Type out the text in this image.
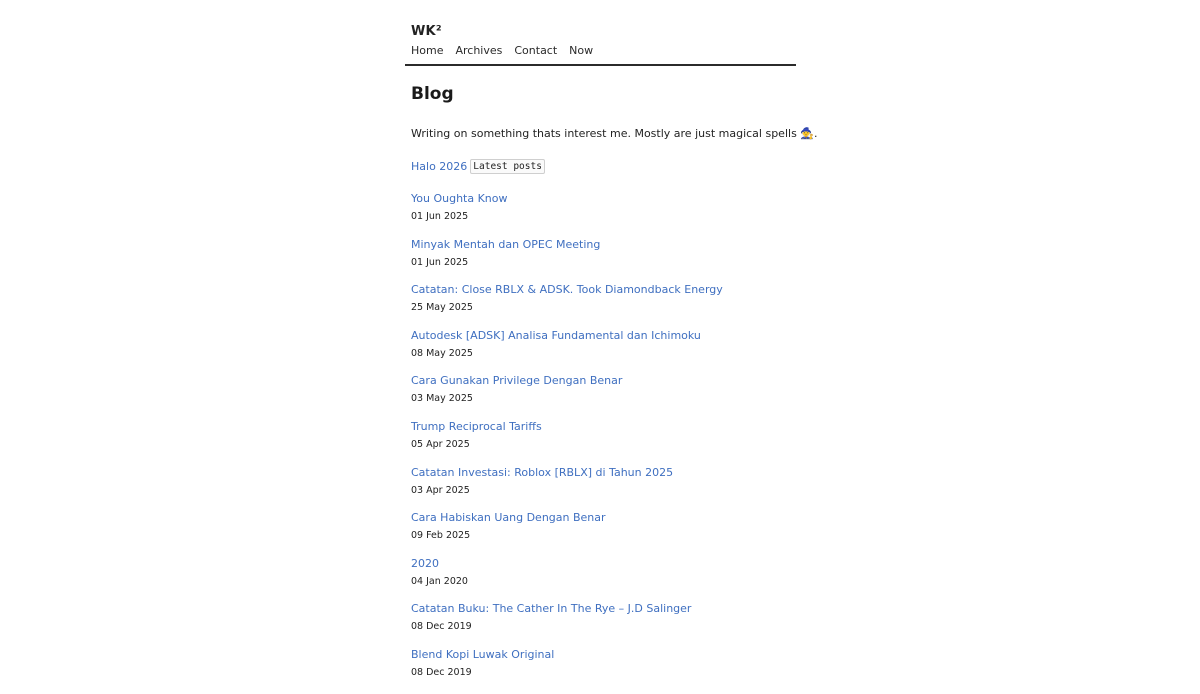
WK²
Home Archives Contact Now
Blog

Writing on something thats interest me. Mostly are just magical spells 🧙.

Halo 2026 Latest posts
You Oughta Know
01 Jun 2025
Minyak Mentah dan OPEC Meeting
01 Jun 2025
Catatan: Close RBLX & ADSK. Took Diamondback Energy
25 May 2025
Autodesk [ADSK] Analisa Fundamental dan Ichimoku
08 May 2025
Cara Gunakan Privilege Dengan Benar
03 May 2025
Trump Reciprocal Tariffs
05 Apr 2025
Catatan Investasi: Roblox [RBLX] di Tahun 2025
03 Apr 2025
Cara Habiskan Uang Dengan Benar
09 Feb 2025
2020
04 Jan 2020
Catatan Buku: The Cather In The Rye – J.D Salinger
08 Dec 2019
Blend Kopi Luwak Original
08 Dec 2019
